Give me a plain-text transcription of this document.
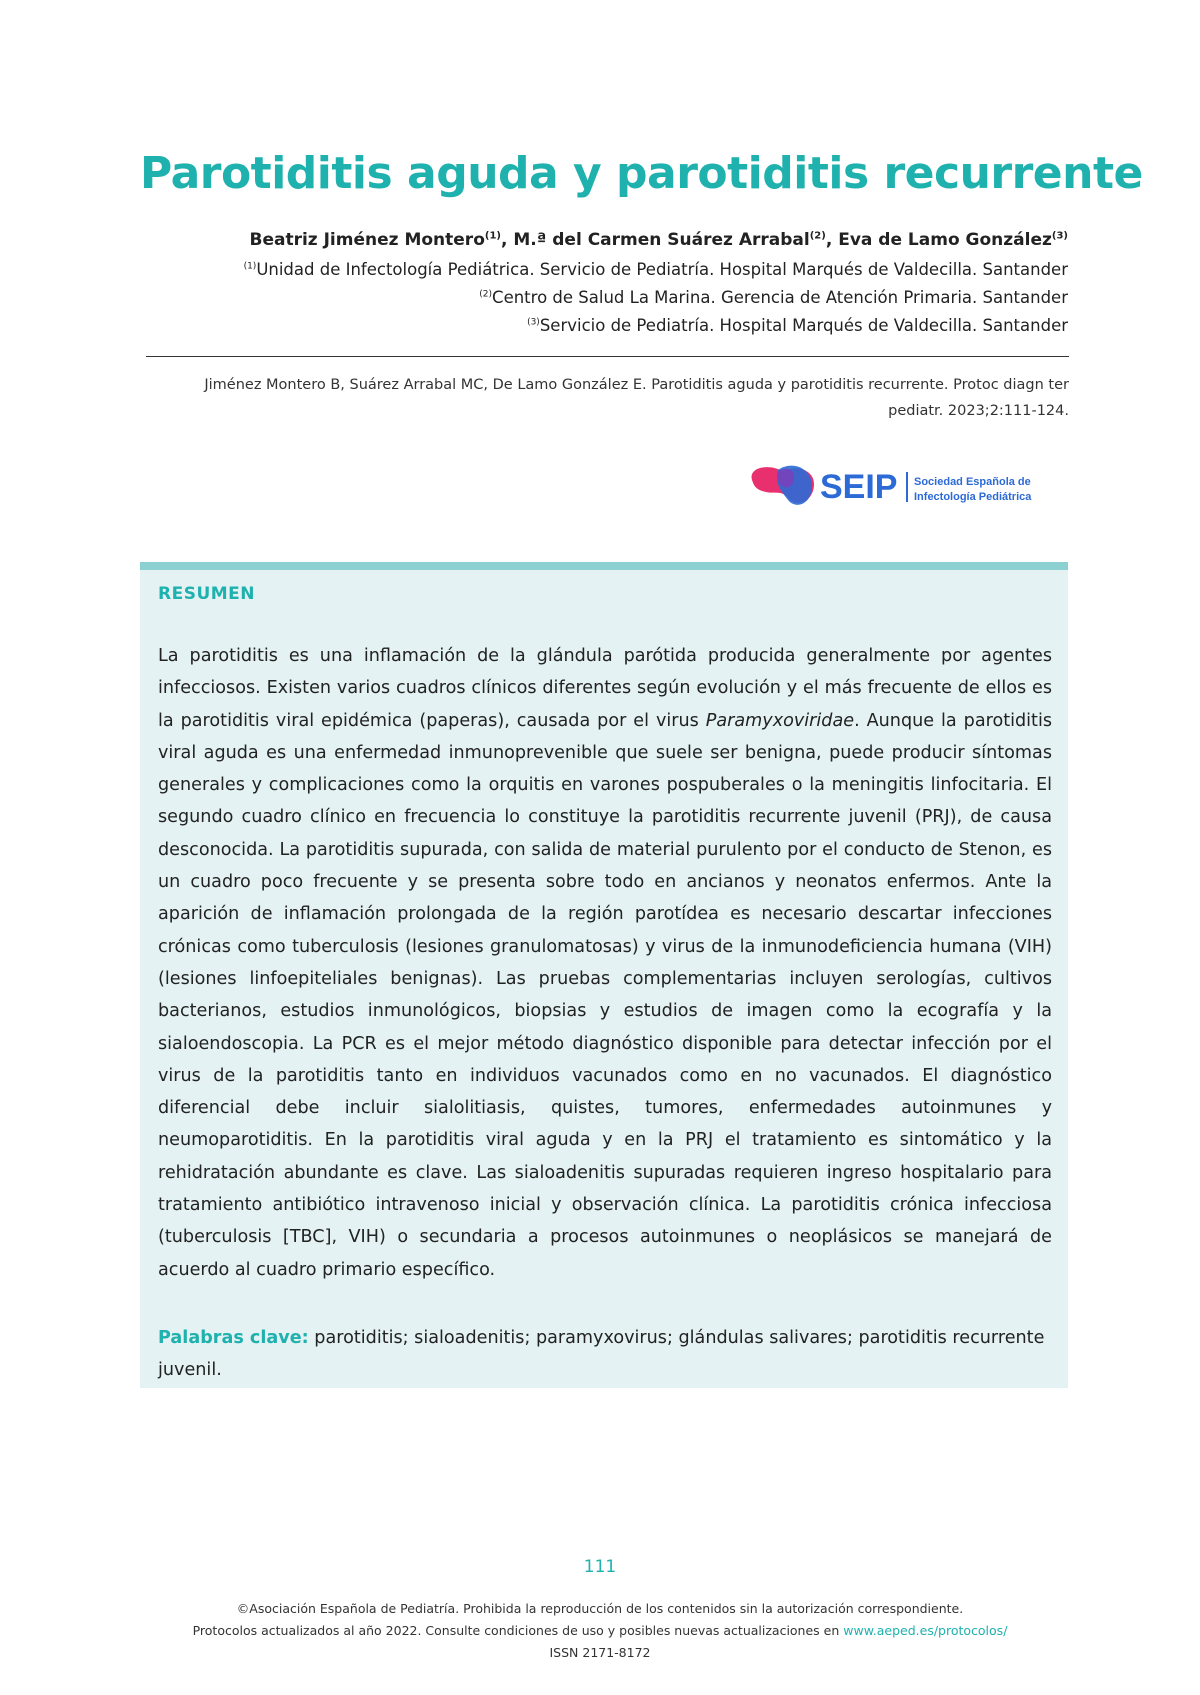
Parotiditis aguda y parotiditis recurrente
Beatriz Jiménez Montero$^{(1)}$, M.ª del Carmen Suárez Arrabal$^{(2)}$, Eva de Lamo González$^{(3)}$
$^{(1)}$Unidad de Infectología Pediátrica. Servicio de Pediatría. Hospital Marqués de Valdecilla. Santander
$^{(2)}$Centro de Salud La Marina. Gerencia de Atención Primaria. Santander
$^{(3)}$Servicio de Pediatría. Hospital Marqués de Valdecilla. Santander
Jiménez Montero B, Suárez Arrabal MC, De Lamo González E. Parotiditis aguda y parotiditis recurrente. Protoc diagn ter
pediatr. 2023;2:111-124.
SEIP Sociedad Española de
Infectología Pediátrica
RESUMEN

La parotiditis es una inflamación de la glándula parótida producida generalmente por agentes infecciosos. Existen varios cuadros clínicos diferentes según evolución y el más frecuente de ellos es la parotiditis viral epidémica (paperas), causada por el virus Paramyxoviridae. Aunque la parotiditis viral aguda es una enfermedad inmunoprevenible que suele ser benigna, puede producir síntomas generales y complicaciones como la orquitis en varones pospuberales o la meningitis linfocitaria. El segundo cuadro clínico en frecuencia lo constituye la parotiditis recurrente juvenil (PRJ), de causa desconocida. La parotiditis supurada, con salida de material purulento por el conducto de Stenon, es un cuadro poco frecuente y se presenta sobre todo en ancianos y neonatos enfermos. Ante la aparición de inflamación prolongada de la región parotídea es necesario descartar infecciones crónicas como tuberculosis (lesiones granulomatosas) y virus de la inmunodeficiencia humana (VIH) (lesiones linfoepiteliales benignas). Las pruebas complementarias incluyen serologías, cultivos bacterianos, estudios inmunológicos, biopsias y estudios de imagen como la ecografía y la sialoendoscopia. La PCR es el mejor método diagnóstico disponible para detectar infección por el virus de la parotiditis tanto en individuos vacunados como en no vacunados. El diagnóstico diferencial debe incluir sialolitiasis, quistes, tumores, enfermedades autoinmunes y neumoparotiditis. En la parotiditis viral aguda y en la PRJ el tratamiento es sintomático y la rehidratación abundante es clave. Las sialoadenitis supuradas requieren ingreso hospitalario para tratamiento antibiótico intravenoso inicial y observación clínica. La parotiditis crónica infecciosa (tuberculosis [TBC], VIH) o secundaria a procesos autoinmunes o neoplásicos se manejará de acuerdo al cuadro primario específico.

Palabras clave: parotiditis; sialoadenitis; paramyxovirus; glándulas salivares; parotiditis recurrente juvenil.

111
©Asociación Española de Pediatría. Prohibida la reproducción de los contenidos sin la autorización correspondiente.
Protocolos actualizados al año 2022. Consulte condiciones de uso y posibles nuevas actualizaciones en www.aeped.es/protocolos/
ISSN 2171-8172
